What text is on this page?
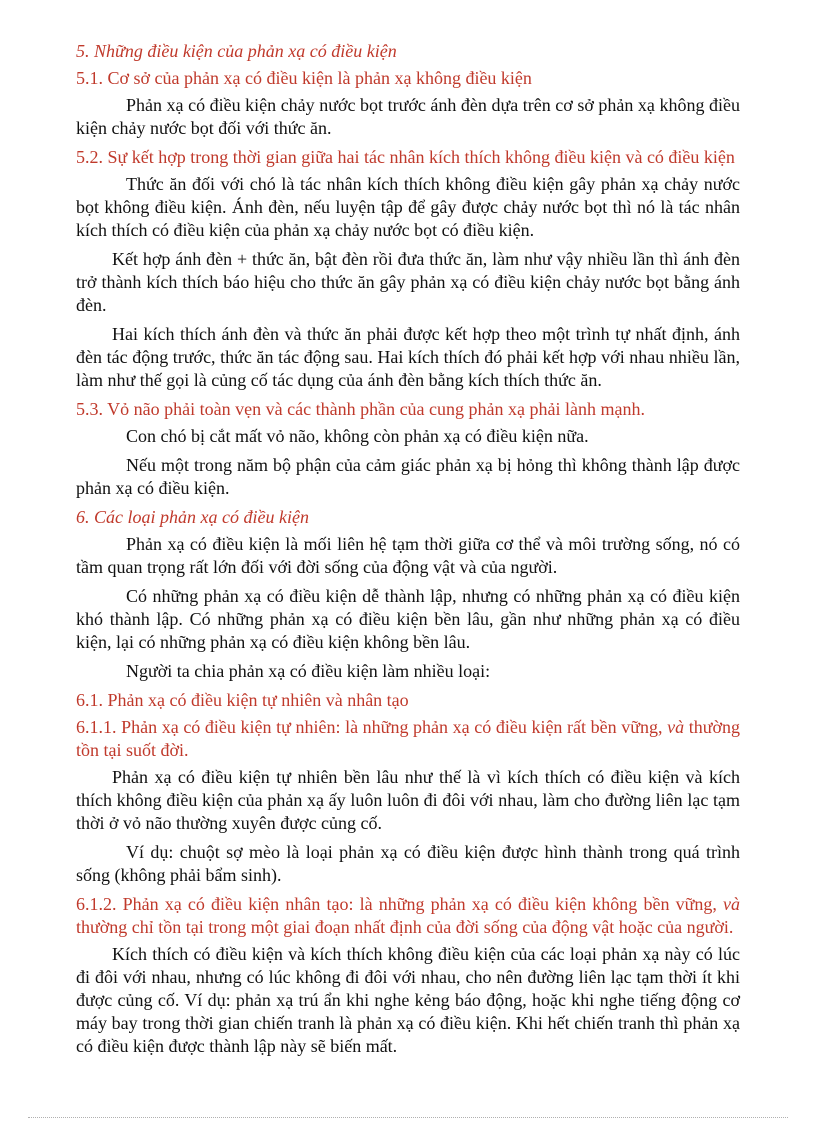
5. Những điều kiện của phản xạ có điều kiện

5.1. Cơ sở của phản xạ có điều kiện là phản xạ không điều kiện

Phản xạ có điều kiện chảy nước bọt trước ánh đèn dựa trên cơ sở phản xạ không điều kiện chảy nước bọt đối với thức ăn.

5.2. Sự kết hợp trong thời gian giữa hai tác nhân kích thích không điều kiện và có điều kiện

Thức ăn đối với chó là tác nhân kích thích không điều kiện gây phản xạ chảy nước bọt không điều kiện. Ánh đèn, nếu luyện tập để gây được chảy nước bọt thì nó là tác nhân kích thích có điều kiện của phản xạ chảy nước bọt có điều kiện.

Kết hợp ánh đèn + thức ăn, bật đèn rồi đưa thức ăn, làm như vậy nhiều lần thì ánh đèn trở thành kích thích báo hiệu cho thức ăn gây phản xạ có điều kiện chảy nước bọt bằng ánh đèn.

Hai kích thích ánh đèn và thức ăn phải được kết hợp theo một trình tự nhất định, ánh đèn tác động trước, thức ăn tác động sau. Hai kích thích đó phải kết hợp với nhau nhiều lần, làm như thế gọi là củng cố tác dụng của ánh đèn bằng kích thích thức ăn.

5.3. Vỏ não phải toàn vẹn và các thành phần của cung phản xạ phải lành mạnh.

Con chó bị cắt mất vỏ não, không còn phản xạ có điều kiện nữa.

Nếu một trong năm bộ phận của cảm giác phản xạ bị hỏng thì không thành lập được phản xạ có điều kiện.

6. Các loại phản xạ có điều kiện

Phản xạ có điều kiện là mối liên hệ tạm thời giữa cơ thể và môi trường sống, nó có tầm quan trọng rất lớn đối với đời sống của động vật và của người.

Có những phản xạ có điều kiện dễ thành lập, nhưng có những phản xạ có điều kiện khó thành lập. Có những phản xạ có điều kiện bền lâu, gần như những phản xạ có điều kiện, lại có những phản xạ có điều kiện không bền lâu.

Người ta chia phản xạ có điều kiện làm nhiều loại:

6.1. Phản xạ có điều kiện tự nhiên và nhân tạo

6.1.1. Phản xạ có điều kiện tự nhiên: là những phản xạ có điều kiện rất bền vững, và thường tồn tại suốt đời.

Phản xạ có điều kiện tự nhiên bền lâu như thế là vì kích thích có điều kiện và kích thích không điều kiện của phản xạ ấy luôn luôn đi đôi với nhau, làm cho đường liên lạc tạm thời ở vỏ não thường xuyên được củng cố.

Ví dụ: chuột sợ mèo là loại phản xạ có điều kiện được hình thành trong quá trình sống (không phải bẩm sinh).

6.1.2. Phản xạ có điều kiện nhân tạo: là những phản xạ có điều kiện không bền vững, và thường chỉ tồn tại trong một giai đoạn nhất định của đời sống của động vật hoặc của người.

Kích thích có điều kiện và kích thích không điều kiện của các loại phản xạ này có lúc đi đôi với nhau, nhưng có lúc không đi đôi với nhau, cho nên đường liên lạc tạm thời ít khi được củng cố. Ví dụ: phản xạ trú ẩn khi nghe kẻng báo động, hoặc khi nghe tiếng động cơ máy bay trong thời gian chiến tranh là phản xạ có điều kiện. Khi hết chiến tranh thì phản xạ có điều kiện được thành lập này sẽ biến mất.
